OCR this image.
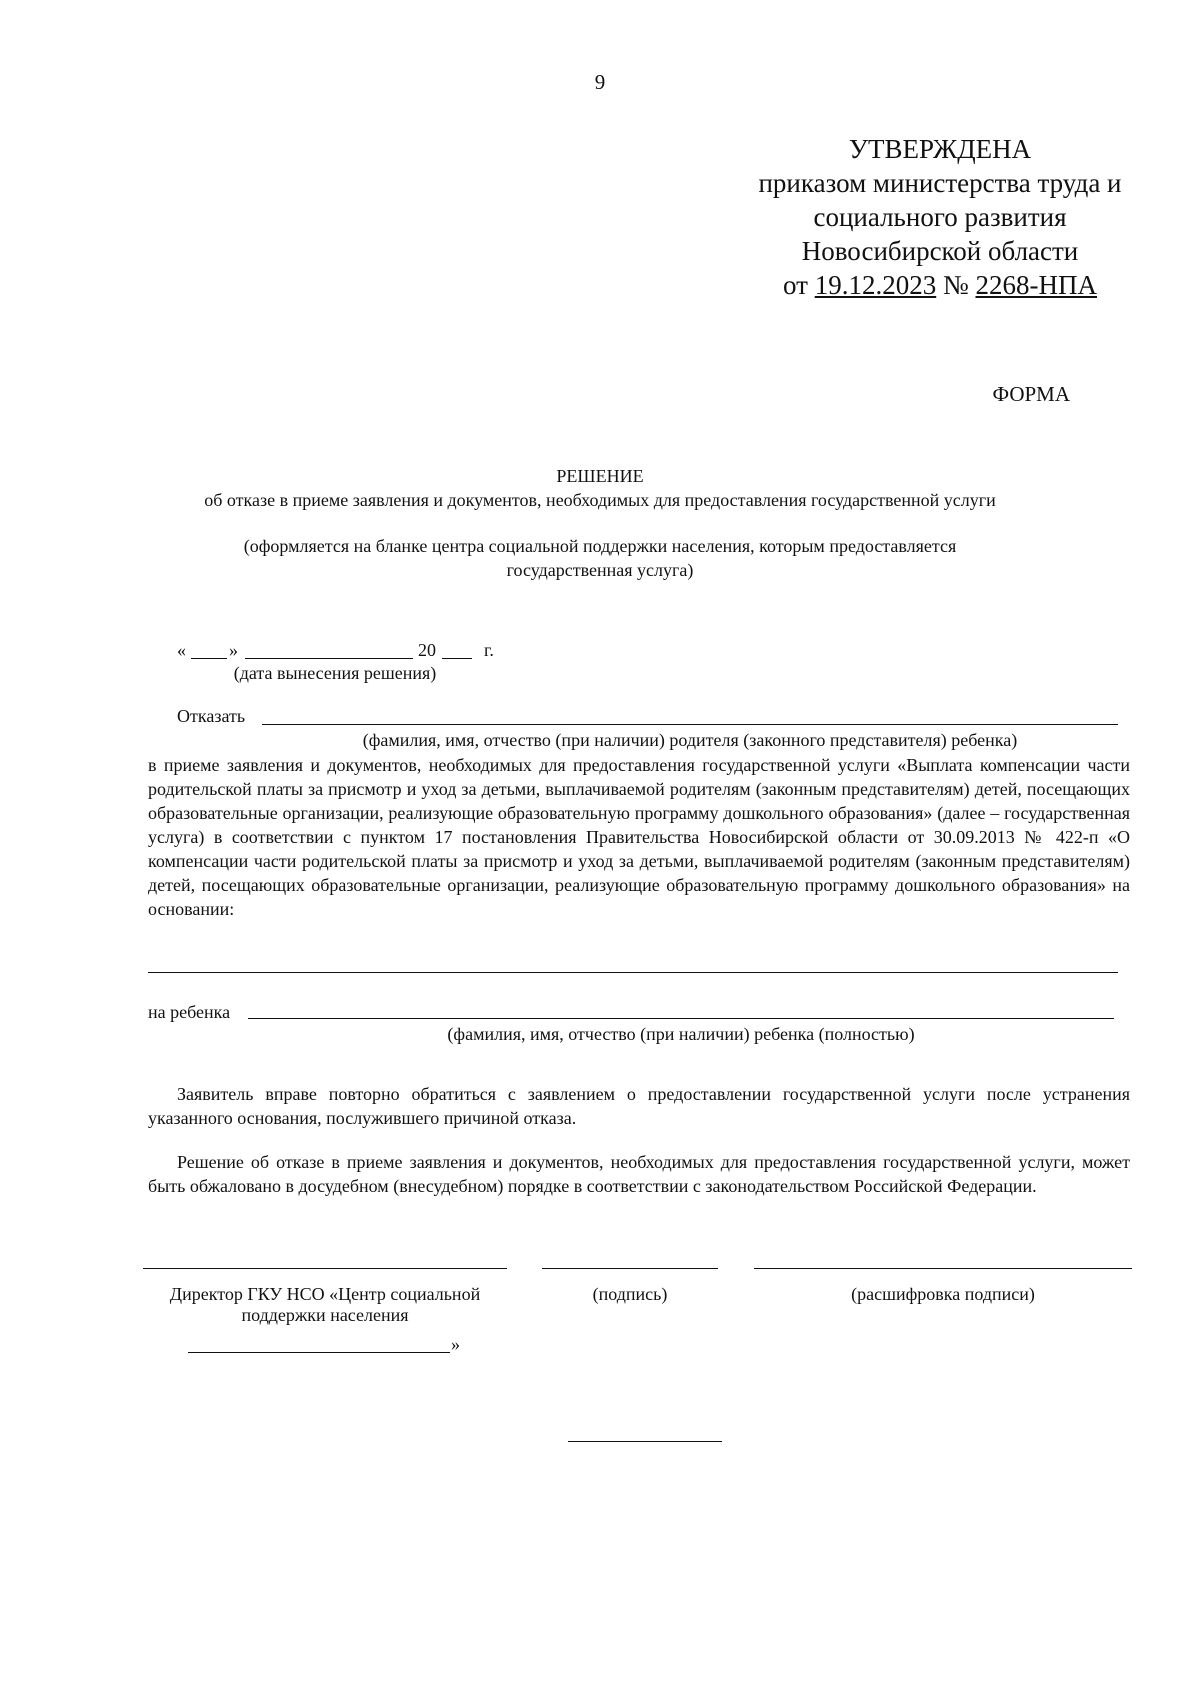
9
УТВЕРЖДЕНА
приказом министерства труда и
социального развития
Новосибирской области
от 19.12.2023 № 2268-НПА
ФОРМА
РЕШЕНИЕ
об отказе в приеме заявления и документов, необходимых для предоставления государственной услуги
(оформляется на бланке центра социальной поддержки населения, которым предоставляется
государственная услуга)
« »	20	г.
(дата вынесения решения)
Отказать
(фамилия, имя, отчество (при наличии) родителя (законного представителя) ребенка)
в приеме заявления и документов, необходимых для предоставления государственной услуги «Выплата компенсации части родительской платы за присмотр и уход за детьми, выплачиваемой родителям (законным представителям) детей, посещающих образовательные организации, реализующие образовательную программу дошкольного образования» (далее – государственная услуга) в соответствии с пунктом 17 постановления Правительства Новосибирской области от 30.09.2013 № 422-п «О компенсации части родительской платы за присмотр и уход за детьми, выплачиваемой родителям (законным представителям) детей, посещающих образовательные организации, реализующие образовательную программу дошкольного образования» на основании:
на ребенка
(фамилия, имя, отчество (при наличии) ребенка (полностью)
Заявитель вправе повторно обратиться с заявлением о предоставлении государственной услуги после устранения указанного основания, послужившего причиной отказа.
Решение об отказе в приеме заявления и документов, необходимых для предоставления государственной услуги, может быть обжаловано в досудебном (внесудебном) порядке в соответствии с законодательством Российской Федерации.
Директор ГКУ НСО «Центр социальной
поддержки населения
»
(подпись)	(расшифровка подписи)
